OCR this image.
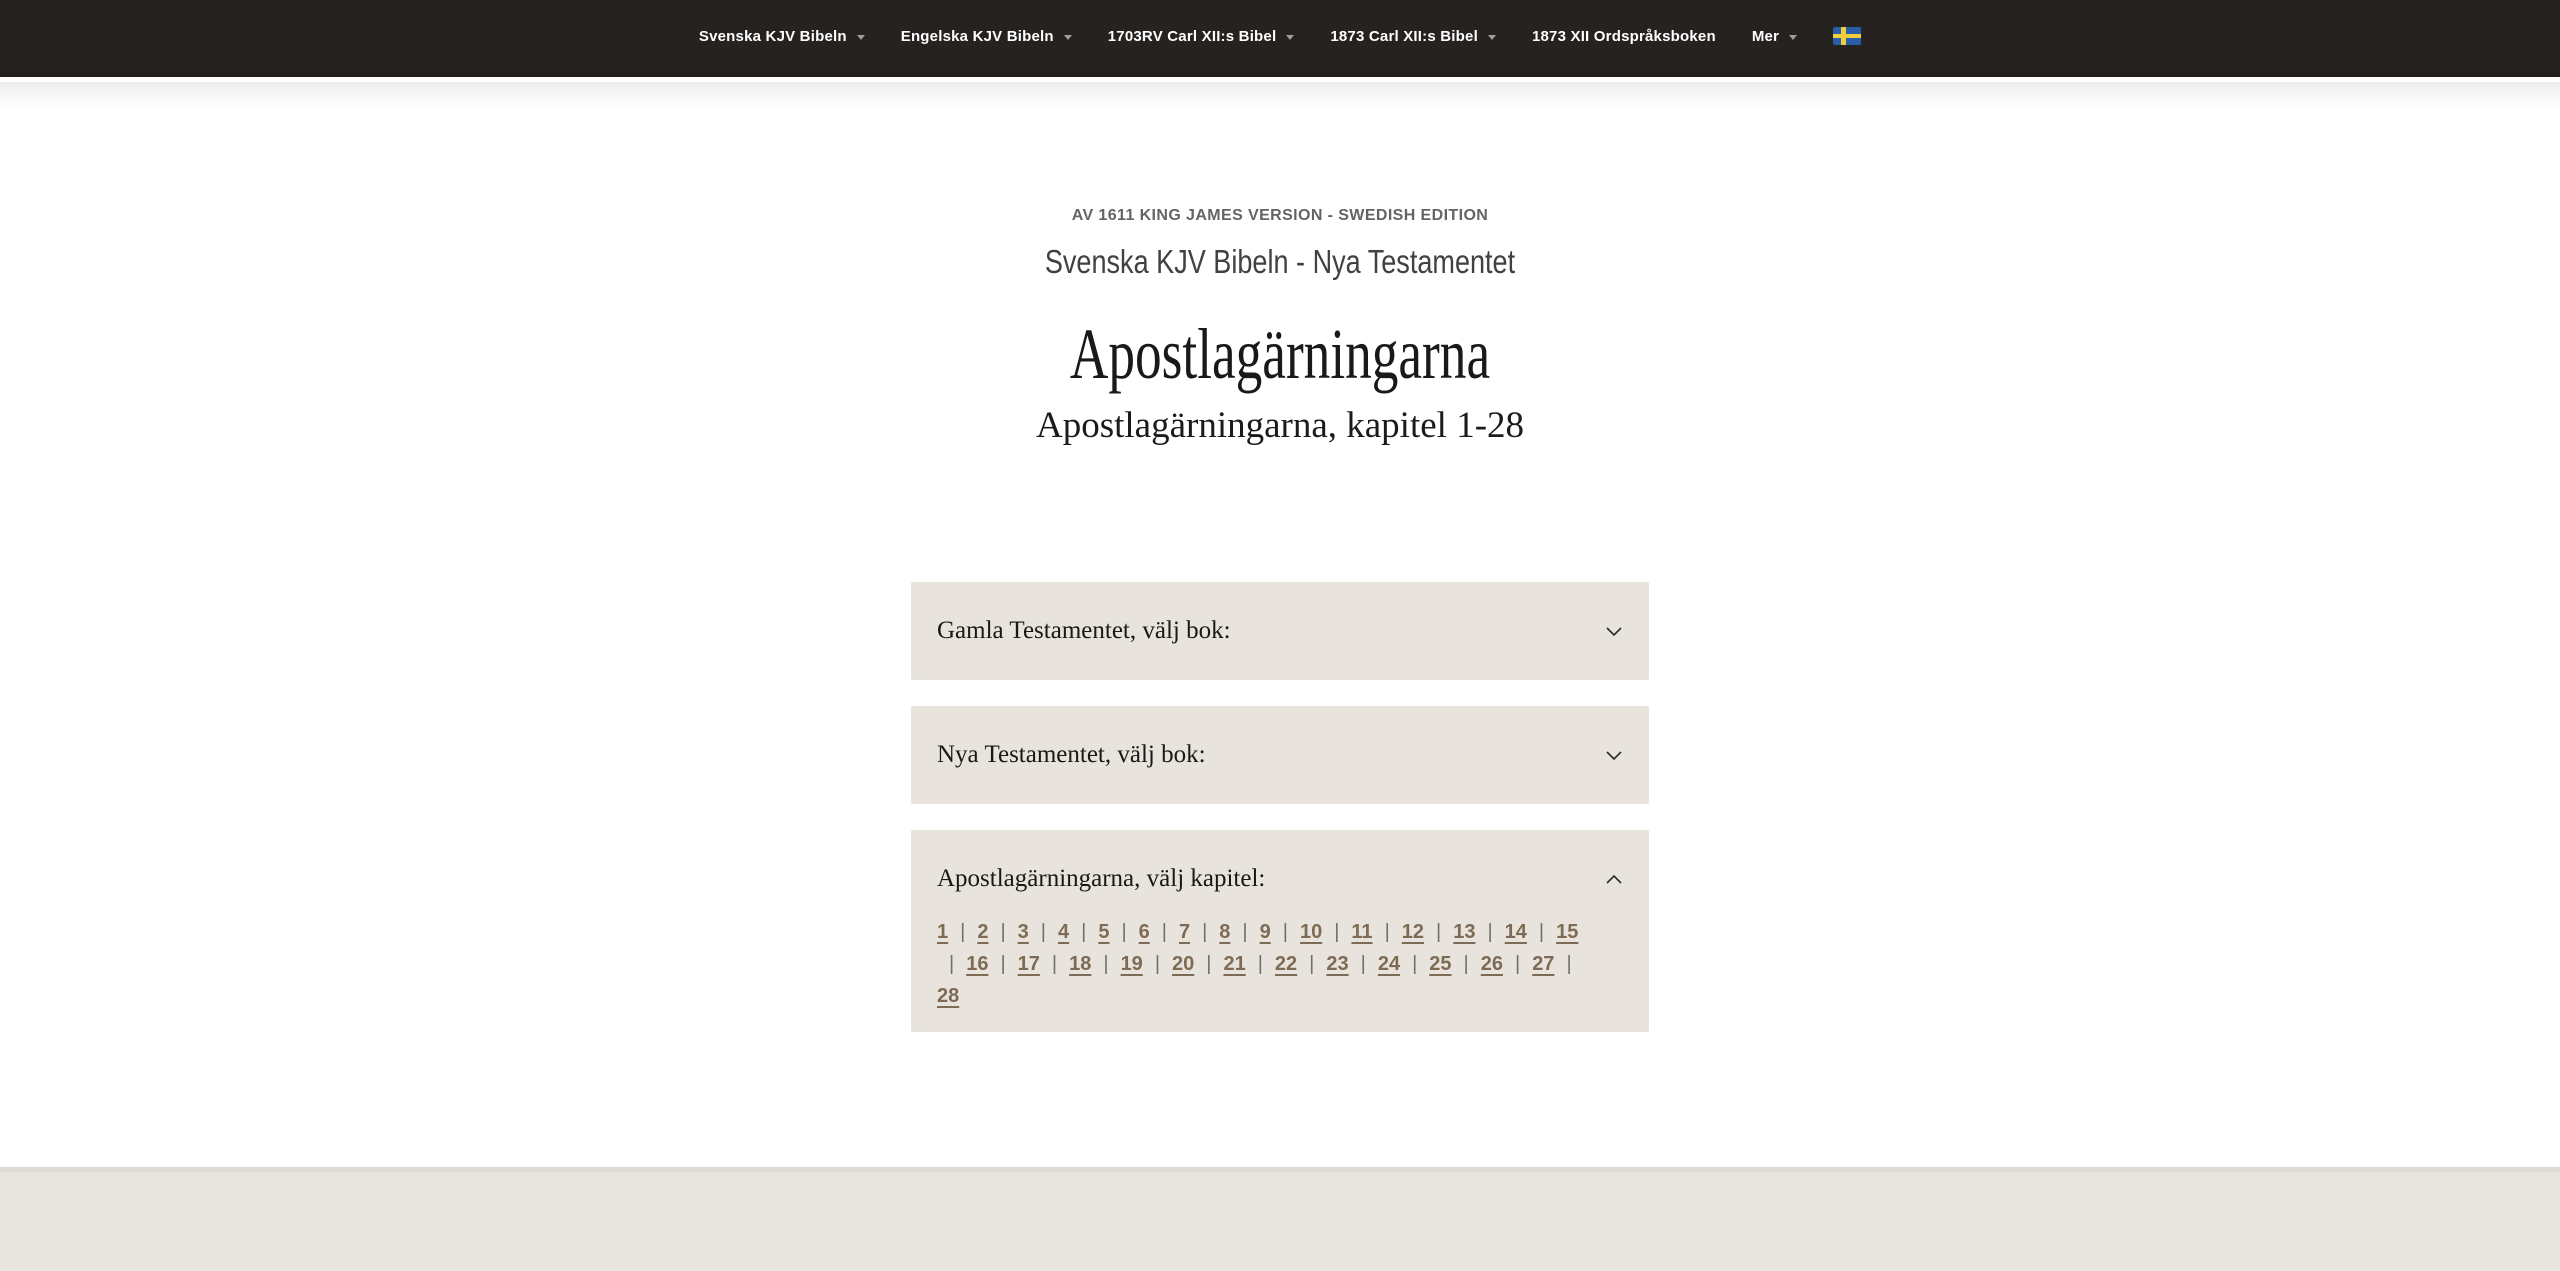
Svenska KJV Bibeln	Engelska KJV Bibeln	1703RV Carl XII:s Bibel	1873 Carl XII:s Bibel	1873 XII Ordspråksboken Mer
AV 1611 KING JAMES VERSION - SWEDISH EDITION
Svenska KJV Bibeln - Nya Testamentet
Apostlagärningarna
Apostlagärningarna, kapitel 1-28
Gamla Testamentet, välj bok:
Nya Testamentet, välj bok:
Apostlagärningarna, välj kapitel:
1 | 2 | 3 | 4 | 5 | 6 | 7 | 8 | 9 | 10 | 11 | 12 | 13 | 14 | 15
| 16 | 17 | 18 | 19 | 20 | 21 | 22 | 23 | 24 | 25 | 26 | 27 |
28
